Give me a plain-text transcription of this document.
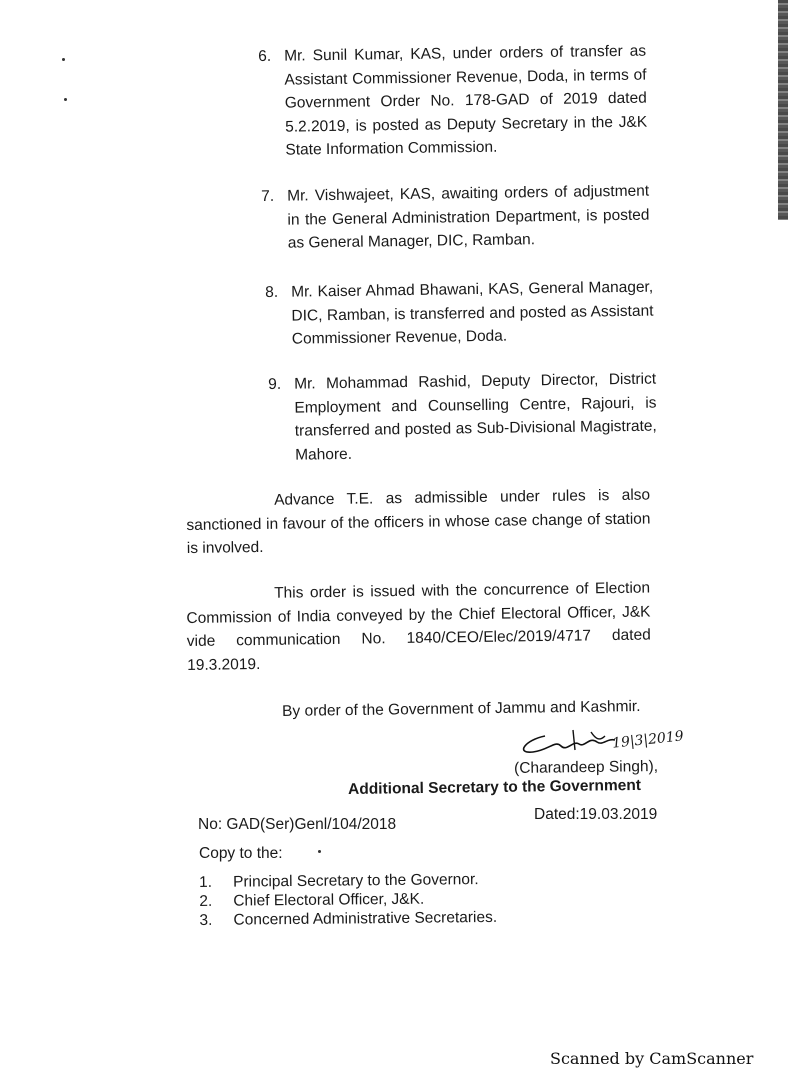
6. Mr. Sunil Kumar, KAS, under orders of transfer as Assistant Commissioner Revenue, Doda, in terms of Government Order No. 178-GAD of 2019 dated 5.2.2019, is posted as Deputy Secretary in the J&K State Information Commission.
7. Mr. Vishwajeet, KAS, awaiting orders of adjustment in the General Administration Department, is posted as General Manager, DIC, Ramban.
8. Mr. Kaiser Ahmad Bhawani, KAS, General Manager, DIC, Ramban, is transferred and posted as Assistant Commissioner Revenue, Doda.
9. Mr. Mohammad Rashid, Deputy Director, District Employment and Counselling Centre, Rajouri, is transferred and posted as Sub-Divisional Magistrate, Mahore.
Advance T.E. as admissible under rules is also sanctioned in favour of the officers in whose case change of station is involved.
This order is issued with the concurrence of Election Commission of India conveyed by the Chief Electoral Officer, J&K vide communication No. 1840/CEO/Elec/2019/4717 dated 19.3.2019.
By order of the Government of Jammu and Kashmir.
19|3|2019
(Charandeep Singh),
Additional Secretary to the Government
No: GAD(Ser)Genl/104/2018
Dated:19.03.2019
Copy to the:
1. Principal Secretary to the Governor.
2. Chief Electoral Officer, J&K.
3. Concerned Administrative Secretaries.
Scanned by CamScanner
